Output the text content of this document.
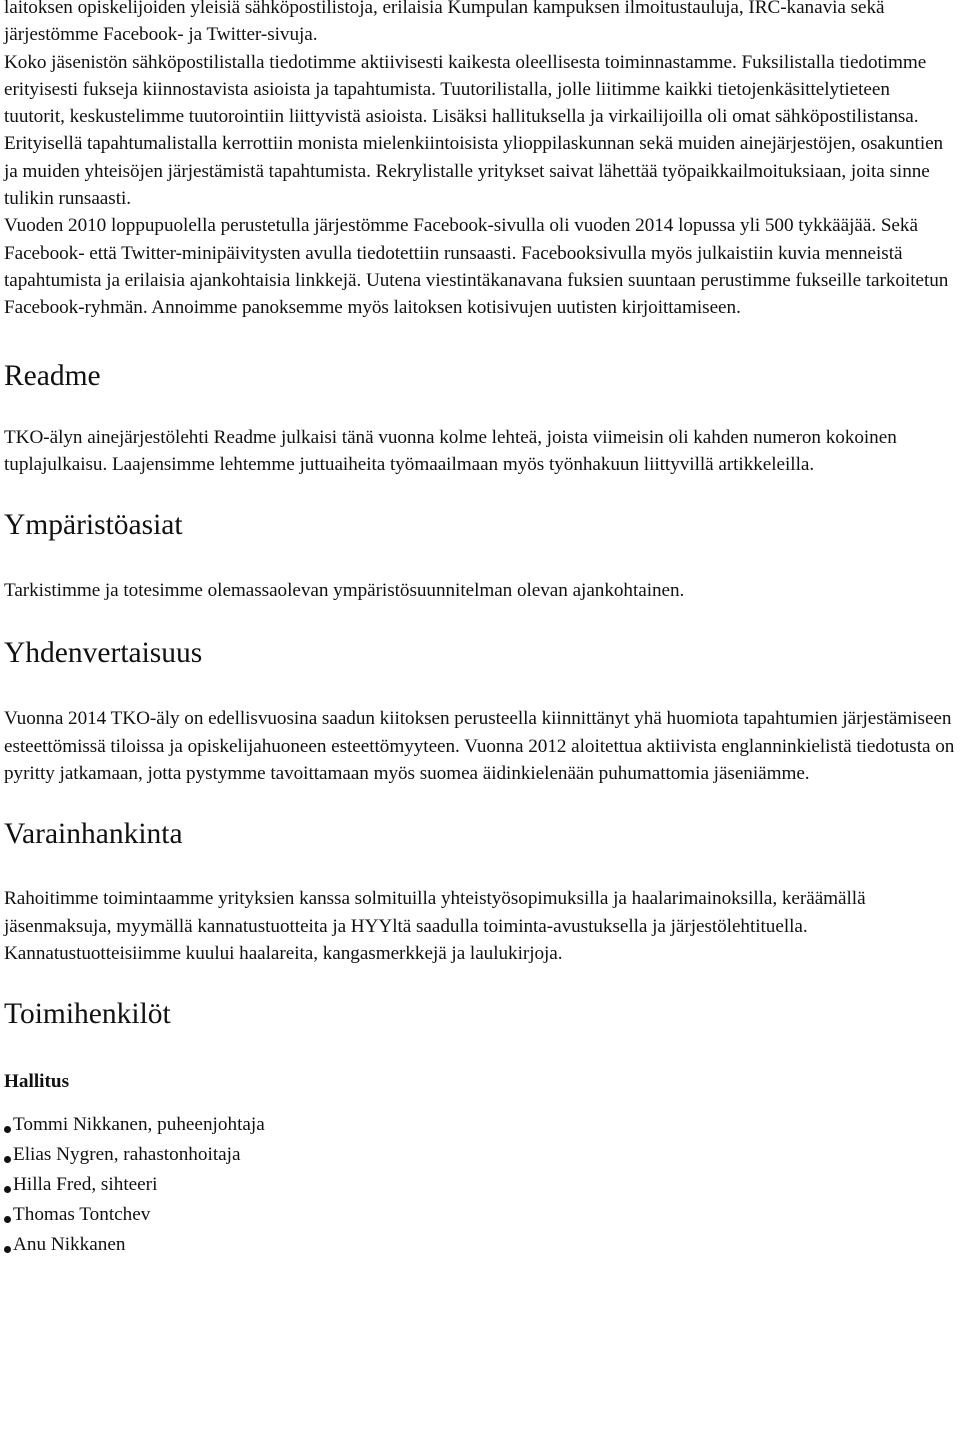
laitoksen opiskelijoiden yleisiä sähköpostilistoja, erilaisia Kumpulan kampuksen ilmoitustauluja, IRC-kanavia sekä järjestömme Facebook- ja Twitter-sivuja.

Koko jäsenistön sähköpostilistalla tiedotimme aktiivisesti kaikesta oleellisesta toiminnastamme. Fuksilistalla tiedotimme erityisesti fukseja kiinnostavista asioista ja tapahtumista. Tuutorilistalla, jolle liitimme kaikki tietojenkäsittelytieteen tuutorit, keskustelimme tuutorointiin liittyvistä asioista. Lisäksi hallituksella ja virkailijoilla oli omat sähköpostilistansa. Erityisellä tapahtumalistalla kerrottiin monista mielenkiintoisista ylioppilaskunnan sekä muiden ainejärjestöjen, osakuntien ja muiden yhteisöjen järjestämistä tapahtumista. Rekrylistalle yritykset saivat lähettää työpaikkailmoituksiaan, joita sinne tulikin runsaasti.

Vuoden 2010 loppupuolella perustetulla järjestömme Facebook-sivulla oli vuoden 2014 lopussa yli 500 tykkääjää. Sekä Facebook- että Twitter-minipäivitysten avulla tiedotettiin runsaasti. Facebooksivulla myös julkaistiin kuvia menneistä tapahtumista ja erilaisia ajankohtaisia linkkejä. Uutena viestintäkanavana fuksien suuntaan perustimme fukseille tarkoitetun Facebook-ryhmän. Annoimme panoksemme myös laitoksen kotisivujen uutisten kirjoittamiseen.

Readme

TKO-älyn ainejärjestölehti Readme julkaisi tänä vuonna kolme lehteä, joista viimeisin oli kahden numeron kokoinen tuplajulkaisu. Laajensimme lehtemme juttuaiheita työmaailmaan myös työnhakuun liittyvillä artikkeleilla.

Ympäristöasiat

Tarkistimme ja totesimme olemassaolevan ympäristösuunnitelman olevan ajankohtainen.

Yhdenvertaisuus

Vuonna 2014 TKO-äly on edellisvuosina saadun kiitoksen perusteella kiinnittänyt yhä huomiota tapahtumien järjestämiseen esteettömissä tiloissa ja opiskelijahuoneen esteettömyyteen. Vuonna 2012 aloitettua aktiivista englanninkielistä tiedotusta on pyritty jatkamaan, jotta pystymme tavoittamaan myös suomea äidinkielenään puhumattomia jäseniämme.

Varainhankinta

Rahoitimme toimintaamme yrityksien kanssa solmituilla yhteistyösopimuksilla ja haalarimainoksilla, keräämällä jäsenmaksuja, myymällä kannatustuotteita ja HYYltä saadulla toiminta-avustuksella ja järjestölehtituella. Kannatustuotteisiimme kuului haalareita, kangasmerkkejä ja laulukirjoja.

Toimihenkilöt
Hallitus
Tommi Nikkanen, puheenjohtaja
Elias Nygren, rahastonhoitaja
Hilla Fred, sihteeri
Thomas Tontchev
Anu Nikkanen
